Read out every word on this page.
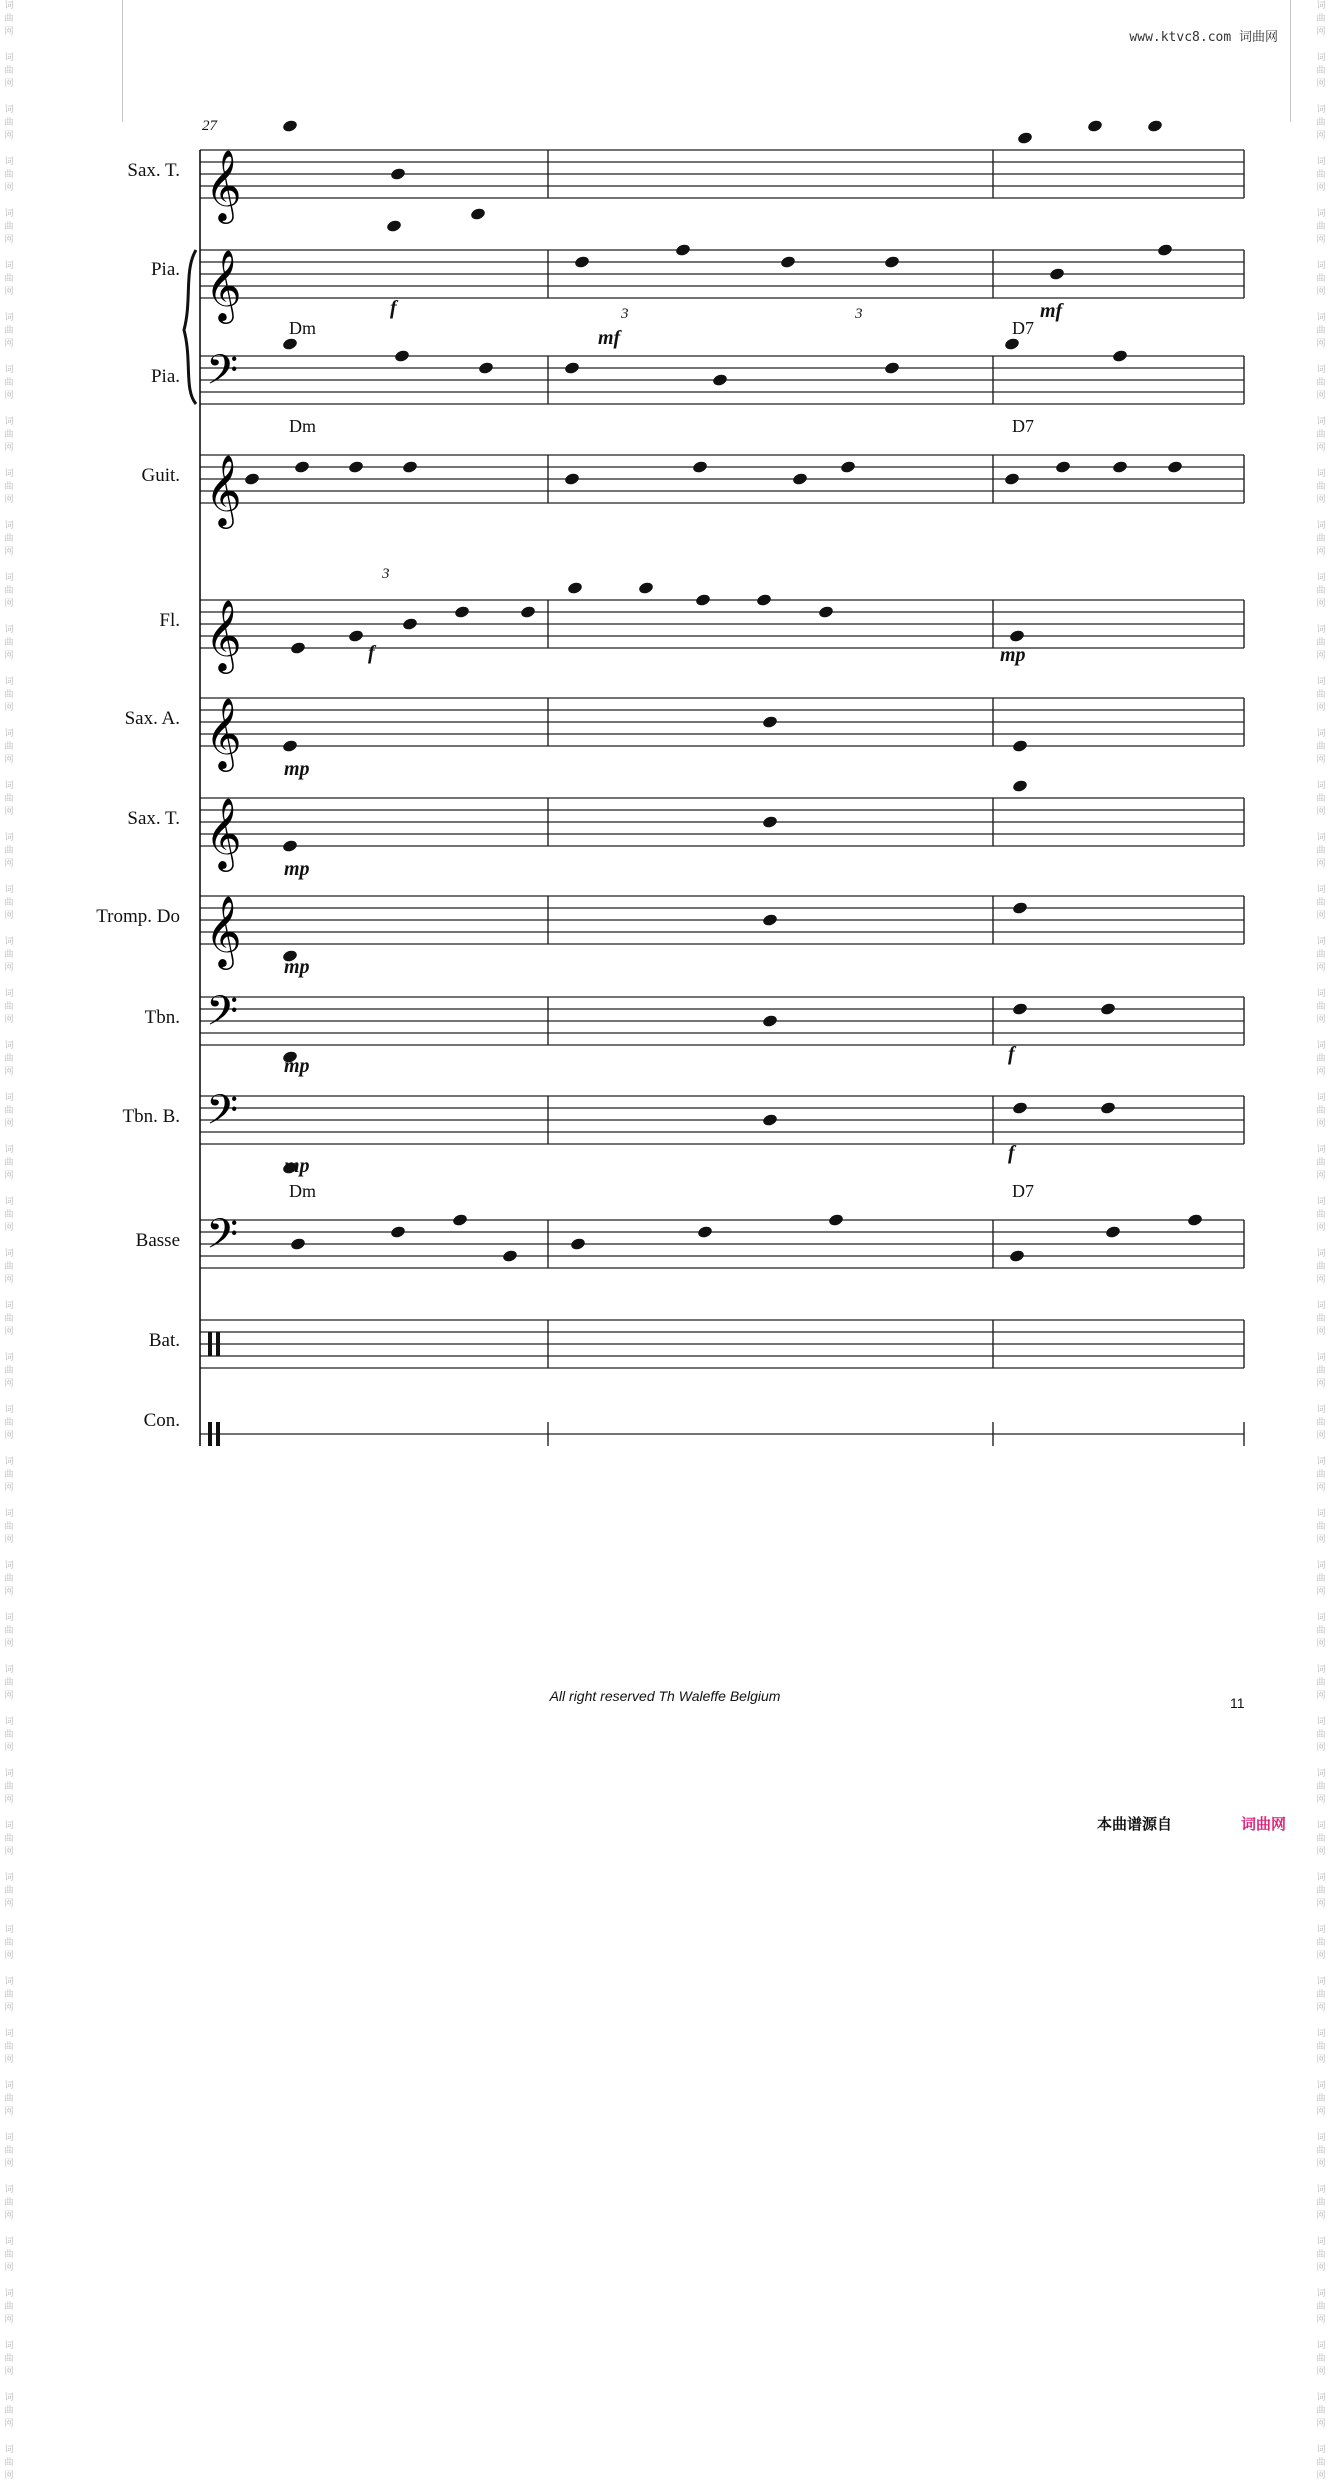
词
曲
网

词
曲
网

词
曲
网

词
曲
网

词
曲
网

词
曲
网

词
曲
网

词
曲
网

词
曲
网

词
曲
网

词
曲
网

词
曲
网

词
曲
网

词
曲
网

词
曲
网

词
曲
网

词
曲
网

词
曲
网

词
曲
网

词
曲
网

词
曲
网

词
曲
网

词
曲
网

词
曲
网

词
曲
网

词
曲
网

词
曲
网

词
曲
网

词
曲
网

词
曲
网

词
曲
网

词
曲
网

词
曲
网

词
曲
网

词
曲
网

词
曲
网

词
曲
网

词
曲
网

词
曲
网

词
曲
网

词
曲
网

词
曲
网

词
曲
网

词
曲
网

词
曲
网

词
曲
网

词
曲
网

词
曲
网

词
曲
网

词
曲
网

词
曲
网

词
曲
网

词
曲
网

词
曲
网

词
曲
网

词
曲
网

词
曲
网

词
曲
网

词
曲
网

词
曲
网

词
曲
网

词
曲
网

词
曲
网

词
曲
网

词
曲
网

词
曲
网

词
曲
网

词
曲
网

词
曲
网

词
曲
网

词
曲
网

词
曲
网

词
曲
网

词
曲
网

词
曲
网

词
曲
网

词
曲
网

词
曲
网

词
曲
网

词
曲
网

词
曲
网

词
曲
网

词
曲
网

词
曲
网

词
曲
网

词
曲
网

词
曲
网

词
曲
网

词
曲
网

词
曲
网

词
曲
网

词
曲
网

词
曲
网

词
曲
网

词
曲
网

词
曲
网

www.ktvc8.com 词曲网
𝄞
𝄞
𝄢
𝄞
𝄞
𝄞
𝄞
𝄞
𝄢
𝄢
𝄢
27
Sax. T.
Pia.
Pia.
Guit.
Fl.
Sax. A.
Sax. T.
Tromp. Do
Tbn.
Tbn. B.
Basse
Bat.
Con.
Dm	D7
Dm	D7
Dm	D7
f
mf
mf
f	mp
mp
mp
mp
mp
f
mp
f
3
3	3
All right reserved Th Waleffe Belgium	11
本曲谱源自	词曲网
